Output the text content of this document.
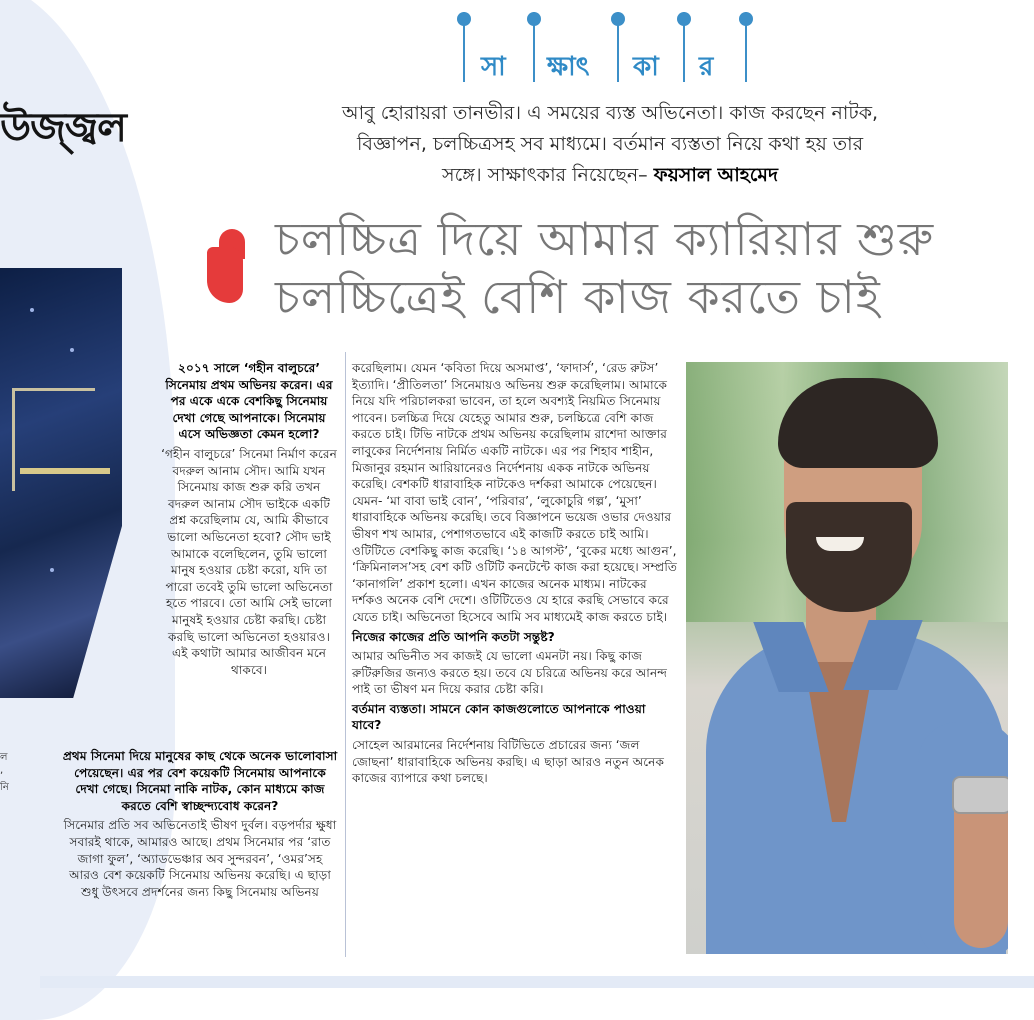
উজ্জ্বল
ল
,
নি
সা ক্ষাৎ কা র
আবু হোরায়রা তানভীর। এ সময়ের ব্যস্ত অভিনেতা। কাজ করছেন নাটক,
বিজ্ঞাপন, চলচ্চিত্রসহ সব মাধ্যমে। বর্তমান ব্যস্ততা নিয়ে কথা হয় তার
সঙ্গে। সাক্ষাৎকার নিয়েছেন– ফয়সাল আহমেদ
চলচ্চিত্র দিয়ে আমার ক্যারিয়ার শুরু
চলচ্চিত্রেই বেশি কাজ করতে চাই

২০১৭ সালে ‘গহীন বালুচরে’ সিনেমায় প্রথম অভিনয় করেন। এর পর একে একে বেশকিছু সিনেমায় দেখা গেছে আপনাকে। সিনেমায় এসে অভিজ্ঞতা কেমন হলো?

‘গহীন বালুচরে’ সিনেমা নির্মাণ করেন বদরুল আনাম সৌদ। আমি যখন সিনেমায় কাজ শুরু করি তখন বদরুল আনাম সৌদ ভাইকে একটি প্রশ্ন করেছিলাম যে, আমি কীভাবে ভালো অভিনেতা হবো? সৌদ ভাই আমাকে বলেছিলেন, তুমি ভালো মানুষ হওয়ার চেষ্টা করো, যদি তা পারো তবেই তুমি ভালো অভিনেতা হতে পারবে। তো আমি সেই ভালো মানুষই হওয়ার চেষ্টা করছি। চেষ্টা করছি ভালো অভিনেতা হওয়ারও। এই কথাটা আমার আজীবন মনে থাকবে।

প্রথম সিনেমা দিয়ে মানুষের কাছ থেকে অনেক ভালোবাসা পেয়েছেন। এর পর বেশ কয়েকটি সিনেমায় আপনাকে দেখা গেছে। সিনেমা নাকি নাটক, কোন মাধ্যমে কাজ করতে বেশি স্বাচ্ছন্দ্যবোধ করেন?

সিনেমার প্রতি সব অভিনেতাই ভীষণ দুর্বল। বড়পর্দার ক্ষুধা সবারই থাকে, আমারও আছে। প্রথম সিনেমার পর ‘রাত জাগা ফুল’, ‘অ্যাডভেঞ্চার অব সুন্দরবন’, ‘ওমর’সহ আরও বেশ কয়েকটি সিনেমায় অভিনয় করেছি। এ ছাড়া শুধু উৎসবে প্রদর্শনের জন্য কিছু সিনেমায় অভিনয়

করেছিলাম। যেমন ‘কবিতা দিয়ে অসমাপ্ত’, ‘ফাদার্স’, ‘রেড রুটস’ ইত্যাদি। ‘প্রীতিলতা’ সিনেমায়ও অভিনয় শুরু করেছিলাম। আমাকে নিয়ে যদি পরিচালকরা ভাবেন, তা হলে অবশ্যই নিয়মিত সিনেমায় পাবেন। চলচ্চিত্র দিয়ে যেহেতু আমার শুরু, চলচ্চিত্রে বেশি কাজ করতে চাই। টিভি নাটকে প্রথম অভিনয় করেছিলাম রাশেদা আক্তার লাবুকের নির্দেশনায় নির্মিত একটি নাটকে। এর পর শিহাব শাহীন, মিজানুর রহমান আরিয়ানেরও নির্দেশনায় একক নাটকে অভিনয় করেছি। বেশকটি ধারাবাহিক নাটকেও দর্শকরা আমাকে পেয়েছেন। যেমন- ‘মা বাবা ভাই বোন’, ‘পরিবার’, ‘লুকোচুরি গল্প’, ‘মুসা’ ধারাবাহিকে অভিনয় করেছি। তবে বিজ্ঞাপনে ভয়েজ ওভার দেওয়ার ভীষণ শখ আমার, পেশাগতভাবে এই কাজটি করতে চাই আমি। ওটিটিতে বেশকিছু কাজ করেছি। ‘১৪ আগস্ট’, ‘বুকের মধ্যে আগুন’, ‘ক্রিমিনালস’সহ বেশ কটি ওটিটি কনটেন্টে কাজ করা হয়েছে। সম্প্রতি ‘কানাগলি’ প্রকাশ হলো। এখন কাজের অনেক মাধ্যম। নাটকের দর্শকও অনেক বেশি দেশে। ওটিটিতেও যে হারে করছি সেভাবে করে যেতে চাই। অভিনেতা হিসেবে আমি সব মাধ্যমেই কাজ করতে চাই।

নিজের কাজের প্রতি আপনি কতটা সন্তুষ্ট?

আমার অভিনীত সব কাজই যে ভালো এমনটা নয়। কিছু কাজ রুটিরুজির জন্যও করতে হয়। তবে যে চরিত্রে অভিনয় করে আনন্দ পাই তা ভীষণ মন দিয়ে করার চেষ্টা করি।

বর্তমান ব্যস্ততা। সামনে কোন কাজগুলোতে আপনাকে পাওয়া যাবে?

সোহেল আরমানের নির্দেশনায় বিটিভিতে প্রচারের জন্য ‘জল জোছনা’ ধারাবাহিকে অভিনয় করছি। এ ছাড়া আরও নতুন অনেক কাজের ব্যাপারে কথা চলছে।
